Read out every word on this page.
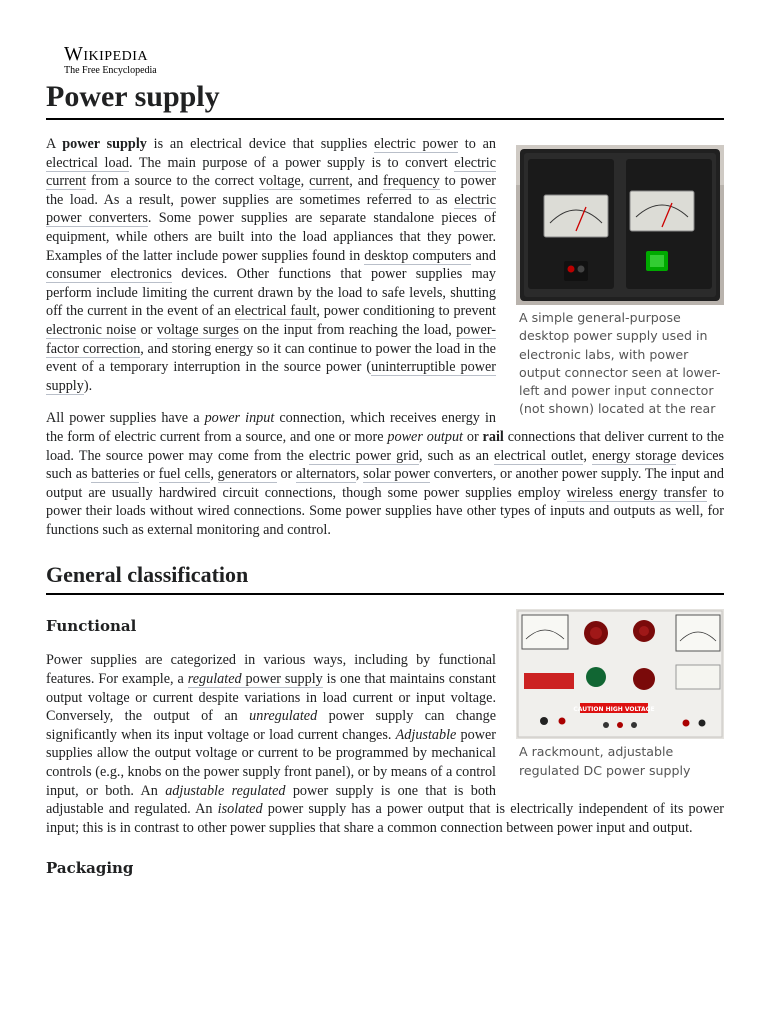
Wikipedia
The Free Encyclopedia
Power supply
A simple general-purpose desktop power supply used in electronic labs, with power output connector seen at lower-left and power input connector (not shown) located at the rear

A power supply is an electrical device that supplies electric power to an electrical load. The main purpose of a power supply is to convert electric current from a source to the correct voltage, current, and frequency to power the load. As a result, power supplies are sometimes referred to as electric power converters. Some power supplies are separate standalone pieces of equipment, while others are built into the load appliances that they power. Examples of the latter include power supplies found in desktop computers and consumer electronics devices. Other functions that power supplies may perform include limiting the current drawn by the load to safe levels, shutting off the current in the event of an electrical fault, power conditioning to prevent electronic noise or voltage surges on the input from reaching the load, power-factor correction, and storing energy so it can continue to power the load in the event of a temporary interruption in the source power (uninterruptible power supply).

All power supplies have a power input connection, which receives energy in the form of electric current from a source, and one or more power output or rail connections that deliver current to the load. The source power may come from the electric power grid, such as an electrical outlet, energy storage devices such as batteries or fuel cells, generators or alternators, solar power converters, or another power supply. The input and output are usually hardwired circuit connections, though some power supplies employ wireless energy transfer to power their loads without wired connections. Some power supplies have other types of inputs and outputs as well, for functions such as external monitoring and control.

General classification
CAUTION HIGH VOLTAGE
A rackmount, adjustable regulated DC power supply
Functional

Power supplies are categorized in various ways, including by functional features. For example, a regulated power supply is one that maintains constant output voltage or current despite variations in load current or input voltage. Conversely, the output of an unregulated power supply can change significantly when its input voltage or load current changes. Adjustable power supplies allow the output voltage or current to be programmed by mechanical controls (e.g., knobs on the power supply front panel), or by means of a control input, or both. An adjustable regulated power supply is one that is both adjustable and regulated. An isolated power supply has a power output that is electrically independent of its power input; this is in contrast to other power supplies that share a common connection between power input and output.

Packaging
